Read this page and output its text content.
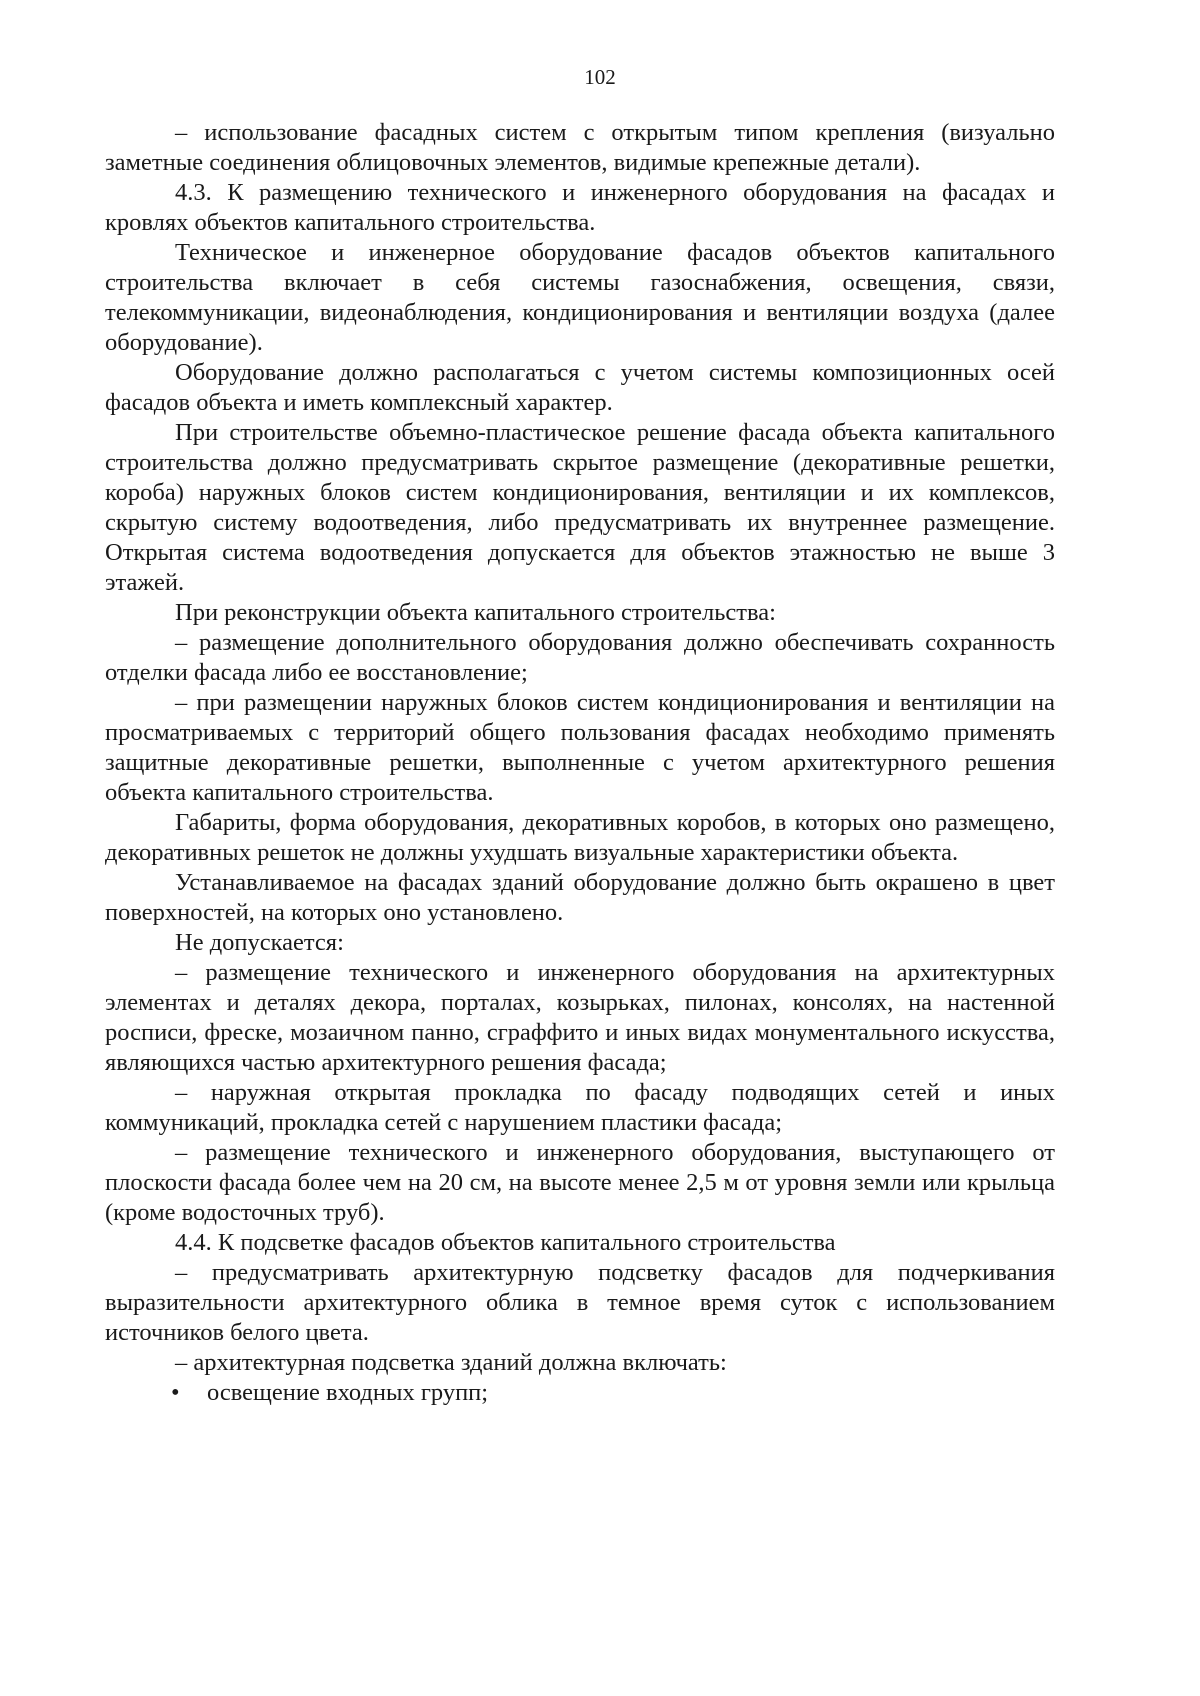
102

– использование фасадных систем с открытым типом крепления (визуально заметные соединения облицовочных элементов, видимые крепежные детали).

4.3. К размещению технического и инженерного оборудования на фасадах и кровлях объектов капитального строительства.

Техническое и инженерное оборудование фасадов объектов капитального строительства включает в себя системы газоснабжения, освещения, связи, телекоммуникации, видеонаблюдения, кондиционирования и вентиляции воздуха (далее оборудование).

Оборудование должно располагаться с учетом системы композиционных осей фасадов объекта и иметь комплексный характер.

При строительстве объемно-пластическое решение фасада объекта капитального строительства должно предусматривать скрытое размещение (декоративные решетки, короба) наружных блоков систем кондиционирования, вентиляции и их комплексов, скрытую систему водоотведения, либо предусматривать их внутреннее размещение. Открытая система водоотведения допускается для объектов этажностью не выше 3 этажей.

При реконструкции объекта капитального строительства:

– размещение дополнительного оборудования должно обеспечивать сохранность отделки фасада либо ее восстановление;

– при размещении наружных блоков систем кондиционирования и вентиляции на просматриваемых с территорий общего пользования фасадах необходимо применять защитные декоративные решетки, выполненные с учетом архитектурного решения объекта капитального строительства.

Габариты, форма оборудования, декоративных коробов, в которых оно размещено, декоративных решеток не должны ухудшать визуальные характеристики объекта.

Устанавливаемое на фасадах зданий оборудование должно быть окрашено в цвет поверхностей, на которых оно установлено.

Не допускается:

– размещение технического и инженерного оборудования на архитектурных элементах и деталях декора, порталах, козырьках, пилонах, консолях, на настенной росписи, фреске, мозаичном панно, сграффито и иных видах монументального искусства, являющихся частью архитектурного решения фасада;

– наружная открытая прокладка по фасаду подводящих сетей и иных коммуникаций, прокладка сетей с нарушением пластики фасада;

– размещение технического и инженерного оборудования, выступающего от плоскости фасада более чем на 20 см, на высоте менее 2,5 м от уровня земли или крыльца (кроме водосточных труб).

4.4. К подсветке фасадов объектов капитального строительства

– предусматривать архитектурную подсветку фасадов для подчеркивания выразительности архитектурного облика в темное время суток с использованием источников белого цвета.

– архитектурная подсветка зданий должна включать:

• освещение входных групп;
